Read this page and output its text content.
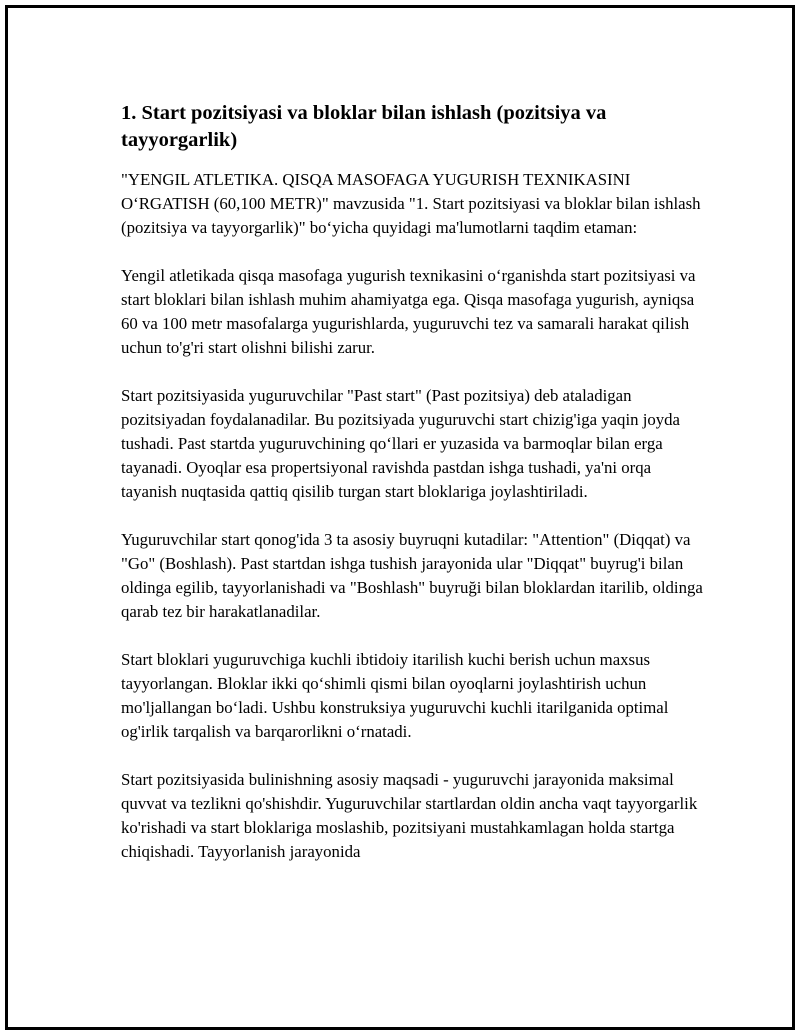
1. Start pozitsiyasi va bloklar bilan ishlash (pozitsiya va tayyorgarlik)

"YENGIL ATLETIKA. QISQA MASOFAGA YUGURISH TEXNIKASINI O‘RGATISH (60,100 METR)" mavzusida "1. Start pozitsiyasi va bloklar bilan ishlash (pozitsiya va tayyorgarlik)" bo‘yicha quyidagi ma'lumotlarni taqdim etaman:

Yengil atletikada qisqa masofaga yugurish texnikasini o‘rganishda start pozitsiyasi va start bloklari bilan ishlash muhim ahamiyatga ega. Qisqa masofaga yugurish, ayniqsa 60 va 100 metr masofalarga yugurishlarda, yuguruvchi tez va samarali harakat qilish uchun to'g'ri start olishni bilishi zarur.

Start pozitsiyasida yuguruvchilar "Past start" (Past pozitsiya) deb ataladigan pozitsiyadan foydalanadilar. Bu pozitsiyada yuguruvchi start chizig'iga yaqin joyda tushadi. Past startda yuguruvchining qo‘llari er yuzasida va barmoqlar bilan erga tayanadi. Oyoqlar esa propertsiyonal ravishda pastdan ishga tushadi, ya'ni orqa tayanish nuqtasida qattiq qisilib turgan start bloklariga joylashtiriladi.

Yuguruvchilar start qonog'ida 3 ta asosiy buyruqni kutadilar: "Attention" (Diqqat) va "Go" (Boshlash). Past startdan ishga tushish jarayonida ular "Diqqat" buyrug'i bilan oldinga egilib, tayyorlanishadi va "Boshlash" buyruği bilan bloklardan itarilib, oldinga qarab tez bir harakatlanadilar.

Start bloklari yuguruvchiga kuchli ibtidoiy itarilish kuchi berish uchun maxsus tayyorlangan. Bloklar ikki qo‘shimli qismi bilan oyoqlarni joylashtirish uchun mo'ljallangan bo‘ladi. Ushbu konstruksiya yuguruvchi kuchli itarilganida optimal og'irlik tarqalish va barqarorlikni o‘rnatadi.

Start pozitsiyasida bulinishning asosiy maqsadi - yuguruvchi jarayonida maksimal quvvat va tezlikni qo'shishdir. Yuguruvchilar startlardan oldin ancha vaqt tayyorgarlik ko'rishadi va start bloklariga moslashib, pozitsiyani mustahkamlagan holda startga chiqishadi. Tayyorlanish jarayonida
